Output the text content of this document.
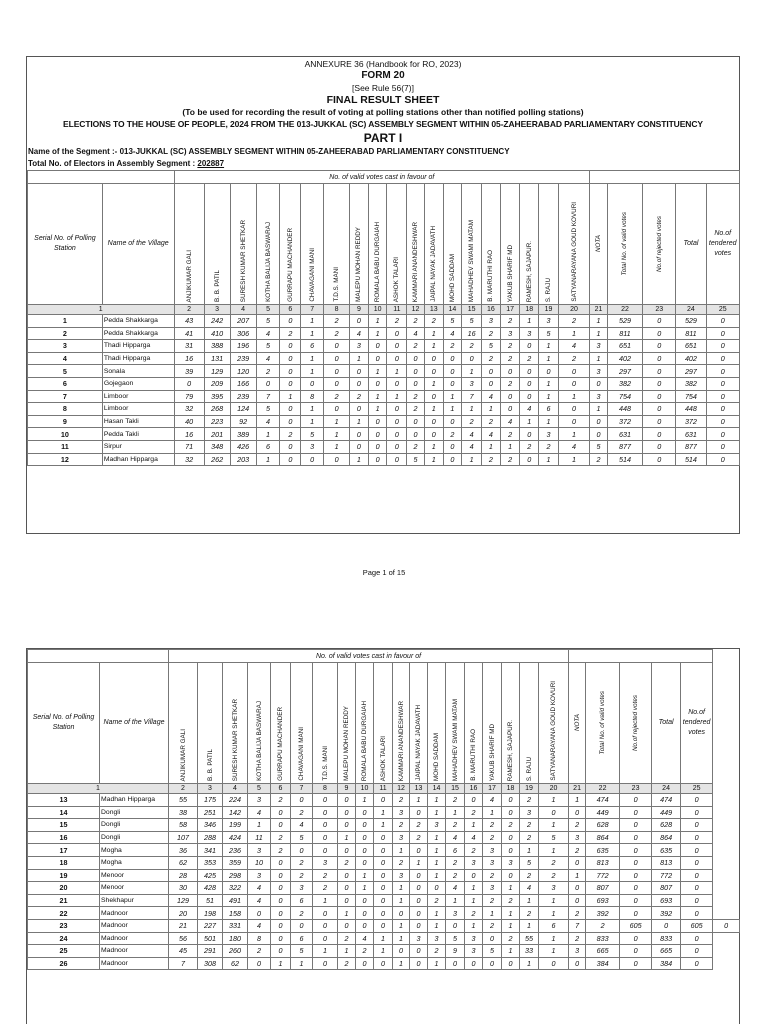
ANNEXURE 36 (Handbook for RO, 2023)
FORM 20
[See Rule 56(7)]
FINAL RESULT SHEET
(To be used for recording the result of voting at polling stations other than notified polling stations)
ELECTIONS TO THE HOUSE OF PEOPLE, 2024 FROM THE 013-JUKKAL (SC) ASSEMBLY SEGMENT WITHIN 05-ZAHEERABAD PARLIAMENTARY CONSTITUENCY
PART I
Name of the Segment :- 013-JUKKAL (SC) ASSEMBLY SEGMENT WITHIN 05-ZAHEERABAD PARLIAMENTARY CONSTITUENCY
Total No. of Electors in Assembly Segment : 202887
		No. of valid votes cast in favour of																							
Serial No. of Polling Station	Name of the Village	ANJIKUMAR GALI	B. B. PATIL	SURESH KUMAR SHETKAR	KOTHA BALIJA BASWARAJ	GURRAPU MACHANDER	CHAVAGANI MANI	T.D.S. MANI	MALEPU MOHAN REDDY	ROMALA BABU DURGAIAH	ASHOK TALARI	KAMMARI ANANDESHWAR	JAIPAL NAYAK JADAVATH	MOHD SADDAM	MAHADHEV SWAMI MATAM	B. MARUTHI RAO	YAKUB SHARIF MD	RAMESH, SAJAPUR.	S. RAJU	SATYANARAYANA GOUD KOVURI	NOTA	Total No. of valid votes	No.of rejected votes	Total	No.of tendered votes
1		2	3	4	5	6	7	8	9	10	11	12	13	14	15	16	17	18	19	20	21	22	23	24	25
1	Pedda Shakkarga	43	242	207	5	0	1	2	0	1	2	2	2	5	5	3	2	1	3	2	1	529	0	529	0
2	Pedda Shakkarga	41	410	306	4	2	1	2	4	1	0	4	1	4	16	2	3	3	5	1	1	811	0	811	0
3	Thadi Hipparga	31	388	196	5	0	6	0	3	0	0	2	1	2	2	5	2	0	1	4	3	651	0	651	0
4	Thadi Hipparga	16	131	239	4	0	1	0	1	0	0	0	0	0	0	2	2	2	1	2	1	402	0	402	0
5	Sonala	39	129	120	2	0	1	0	0	1	1	0	0	0	1	0	0	0	0	0	3	297	0	297	0
6	Gojegaon	0	209	166	0	0	0	0	0	0	0	0	1	0	3	0	2	0	1	0	0	382	0	382	0
7	Limboor	79	395	239	7	1	8	2	2	1	1	2	0	1	7	4	0	0	1	1	3	754	0	754	0
8	Limboor	32	268	124	5	0	1	0	0	1	0	2	1	1	1	1	0	4	6	0	1	448	0	448	0
9	Hasan Takli	40	223	92	4	0	1	1	1	0	0	0	0	0	2	2	4	1	1	0	0	372	0	372	0
10	Pedda Takli	16	201	389	1	2	5	1	0	0	0	0	0	2	4	4	2	0	3	1	0	631	0	631	0
11	Sirpur	71	348	426	6	0	3	1	0	0	0	2	1	0	4	1	1	2	2	4	5	877	0	877	0
12	Madhan Hipparga	32	262	203	1	0	0	0	1	0	0	5	1	0	1	2	2	0	1	1	2	514	0	514	0
Page 1 of 15
		No. of valid votes cast in favour of																								
Serial No. of Polling Station	Name of the Village	ANJIKUMAR GALI	B. B. PATIL	SURESH KUMAR SHETKAR	KOTHA BALIJA BASWARAJ	GURRAPU MACHANDER	CHAVAGANI MANI	T.D.S. MANI	MALEPU MOHAN REDDY	ROMALA BABU DURGAIAH	ASHOK TALARI	KAMMARI ANANDESHWAR	JAIPAL NAYAK JADAVATH	MOHD SADDAM	MAHADHEV SWAMI MATAM	B. MARUTHI RAO	YAKUB SHARIF MD	RAMESH, SAJAPUR.	S. RAJU	SATYANARAYANA GOUD KOVURI	NOTA	Total No. of valid votes	No.of rejected votes	Total	No.of tendered votes	
1		2	3	4	5	6	7	8	9	10	11	12	13	14	15	16	17	18	19	20	21	22	23	24	25	
13	Madhan Hipparga	55	175	224	3	2	0	0	0	1	0	2	1	1	2	0	4	0	2	1	1	474	0	474	0	
14	Dongli	38	251	142	4	0	2	0	0	0	1	3	0	1	1	2	1	0	3	0	0	449	0	449	0	
15	Dongli	58	346	199	1	0	4	0	0	0	1	2	2	3	2	1	2	2	2	1	2	628	0	628	0	
16	Dongli	107	288	424	11	2	5	0	1	0	0	3	2	1	4	4	2	0	2	5	3	864	0	864	0	
17	Mogha	36	341	236	3	2	0	0	0	0	0	1	0	1	6	2	3	0	1	1	2	635	0	635	0	
18	Mogha	62	353	359	10	0	2	3	2	0	0	2	1	1	2	3	3	3	5	2	0	813	0	813	0	
19	Menoor	28	425	298	3	0	2	2	0	1	0	3	0	1	2	0	2	0	2	2	1	772	0	772	0	
20	Menoor	30	428	322	4	0	3	2	0	1	0	1	0	0	4	1	3	1	4	3	0	807	0	807	0	
21	Shekhapur	129	51	491	4	0	6	1	0	0	0	1	0	2	1	1	2	2	1	1	0	693	0	693	0	
22	Madnoor	20	198	158	0	0	2	0	1	0	0	0	0	1	3	2	1	1	2	1	2	392	0	392	0	
23	Madnoor	21	227	331	4	0	0	0	0	0	0	1	0	1	0	1	2	1	1	6	7	2	605	0	605	0
24	Madnoor	56	501	180	8	0	6	0	2	4	1	1	3	3	5	3	0	2	55	1	2	833	0	833	0	
25	Madnoor	45	291	260	2	0	5	1	1	2	1	0	0	2	9	3	5	1	33	1	3	665	0	665	0	
26	Madnoor	7	308	62	0	1	1	0	2	0	0	1	0	1	0	0	0	0	1	0	0	384	0	384	0	
